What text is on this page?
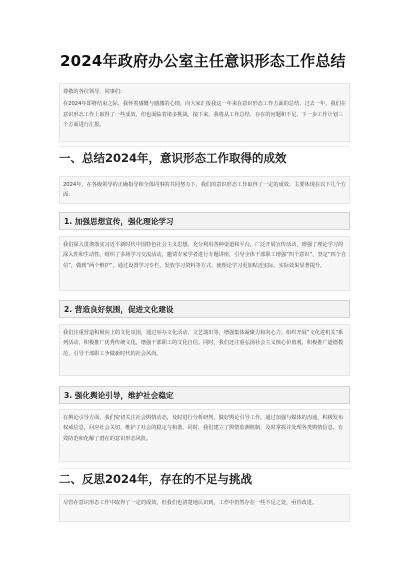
2024年政府办公室主任意识形态工作总结

尊敬的各位领导、同事们:

在2024年即将结束之际，我怀着感慨与感激的心情，向大家汇报我这一年来在意识形态工作方面的总结。过去一年，我们在意识形态工作上取得了一些成效，但也面临着诸多挑战。接下来，我将从工作总结、存在的问题和不足、下一步工作计划三个方面进行汇报。

一、总结2024年，意识形态工作取得的成效

2024年，在各级领导的正确指导和全体同事的共同努力下，我们的意识形态工作取得了一定的成效。主要体现在以下几个方面:

1. 加强思想宣传，强化理论学习

我们深入贯彻落实习近平新时代中国特色社会主义思想，充分利用各种渠道和平台，广泛开展宣传活动，增强了理论学习的深入性和生动性。组织了多场学习交流活动，邀请专家学者进行专题讲座，引导全体干部职工增强“四个意识”，坚定“四个自信”，做到“两个维护”。通过设置学习专栏，发放学习资料等方式，使理论学习更加贴近实际，实际效果显著提升。

2. 营造良好氛围，促进文化建设

我们注重营造积极向上的文化氛围，通过举办文化活动、文艺演出等，增强集体凝聚力和向心力。组织开展“文化进机关”系列活动，积极推广优秀传统文化，增强干部职工的文化自信。同时，我们还注重弘扬社会主义核心价值观，积极推广道德模范，引导干部职工争做新时代的社会风尚。

3. 强化舆论引导，维护社会稳定

在舆论引导方面，我们密切关注社会舆情动态，及时进行分析研判，做好舆论引导工作。通过加强与媒体的沟通，积极发布权威信息，回应社会关切，维护了社会的稳定与和谐。同时，我们建立了舆情监测机制，及时掌握并处理各类舆情信息，有效防范和化解了潜在的意识形态风险。

二、反思2024年，存在的不足与挑战

尽管在意识形态工作中取得了一定的成效，但我们也清楚地认识到，工作中仍然存在一些不足之处，亟待改进。
